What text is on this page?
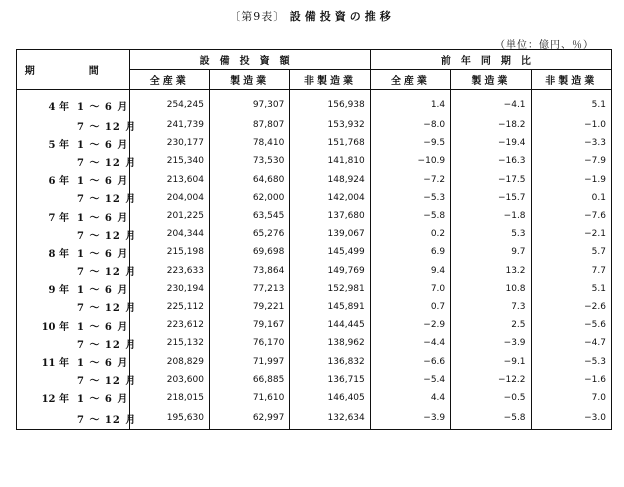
〔第9表〕 設備投資の推移
（単位：億円、％）
期　間	設備投資額			前年同期比		
	全産業	製造業	非製造業	全産業	製造業	非製造業
4 年 1 ～ 6 月	254,245	97,307	156,938	1.4	−4.1	5.1
7 ～ 12 月	241,739	87,807	153,932	−8.0	−18.2	−1.0
5 年 1 ～ 6 月	230,177	78,410	151,768	−9.5	−19.4	−3.3
7 ～ 12 月	215,340	73,530	141,810	−10.9	−16.3	−7.9
6 年 1 ～ 6 月	213,604	64,680	148,924	−7.2	−17.5	−1.9
7 ～ 12 月	204,004	62,000	142,004	−5.3	−15.7	0.1
7 年 1 ～ 6 月	201,225	63,545	137,680	−5.8	−1.8	−7.6
7 ～ 12 月	204,344	65,276	139,067	0.2	5.3	−2.1
8 年 1 ～ 6 月	215,198	69,698	145,499	6.9	9.7	5.7
7 ～ 12 月	223,633	73,864	149,769	9.4	13.2	7.7
9 年 1 ～ 6 月	230,194	77,213	152,981	7.0	10.8	5.1
7 ～ 12 月	225,112	79,221	145,891	0.7	7.3	−2.6
10 年 1 ～ 6 月	223,612	79,167	144,445	−2.9	2.5	−5.6
7 ～ 12 月	215,132	76,170	138,962	−4.4	−3.9	−4.7
11 年 1 ～ 6 月	208,829	71,997	136,832	−6.6	−9.1	−5.3
7 ～ 12 月	203,600	66,885	136,715	−5.4	−12.2	−1.6
12 年 1 ～ 6 月	218,015	71,610	146,405	4.4	−0.5	7.0
7 ～ 12 月	195,630	62,997	132,634	−3.9	−5.8	−3.0
